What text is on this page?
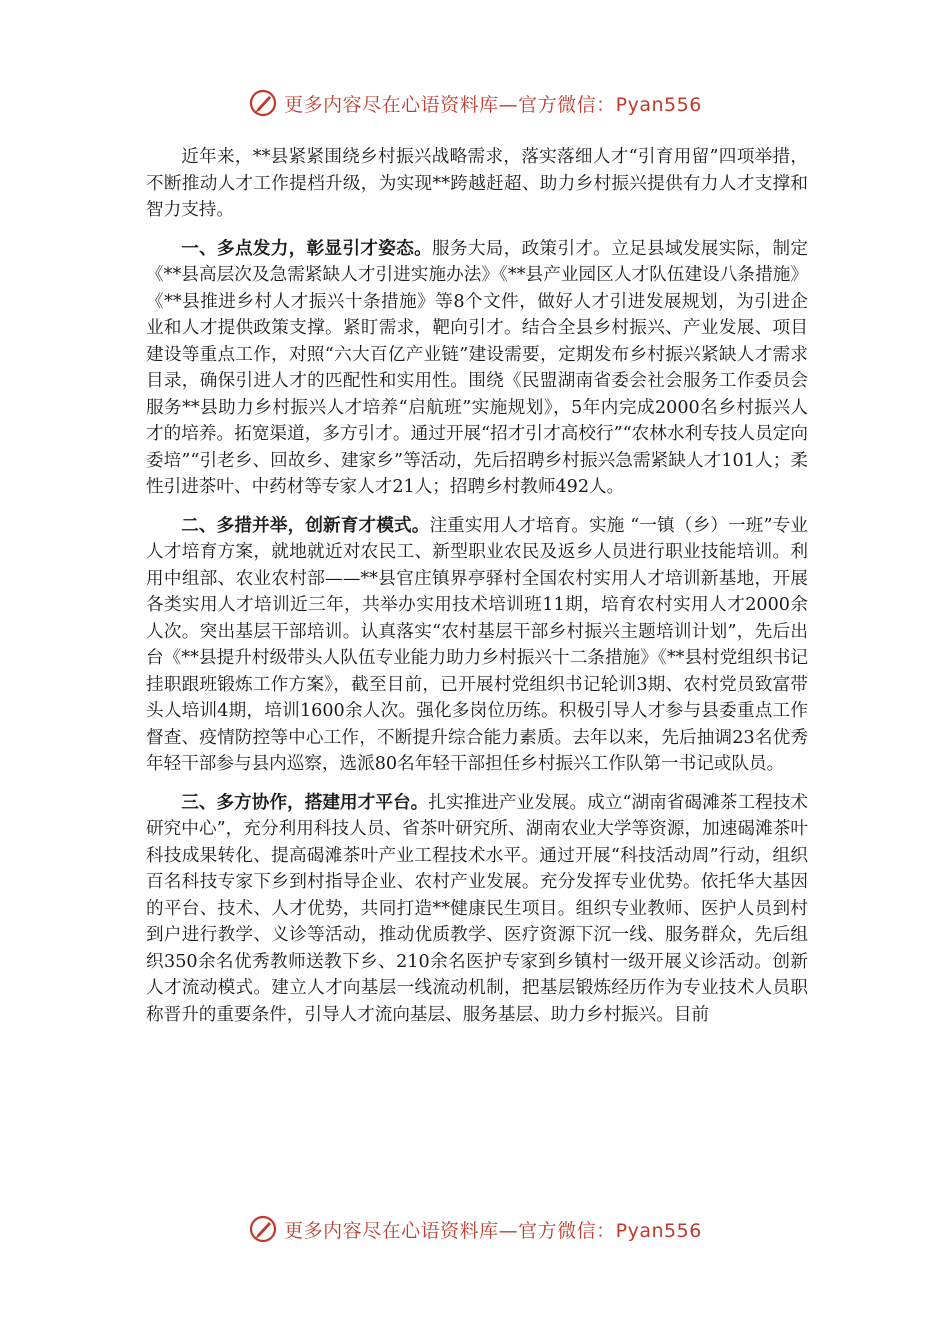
更多内容尽在心语资料库—官方微信：Pyan556

近年来，**县紧紧围绕乡村振兴战略需求，落实落细人才“引育用留”四项举措，不断推动人才工作提档升级，为实现**跨越赶超、助力乡村振兴提供有力人才支撑和智力支持。

一、多点发力，彰显引才姿态。服务大局，政策引才。立足县域发展实际，制定《**县高层次及急需紧缺人才引进实施办法》《**县产业园区人才队伍建设八条措施》《**县推进乡村人才振兴十条措施》等8个文件，做好人才引进发展规划，为引进企业和人才提供政策支撑。紧盯需求，靶向引才。结合全县乡村振兴、产业发展、项目建设等重点工作，对照“六大百亿产业链”建设需要，定期发布乡村振兴紧缺人才需求目录，确保引进人才的匹配性和实用性。围绕《民盟湖南省委会社会服务工作委员会服务**县助力乡村振兴人才培养“启航班”实施规划》，5年内完成2000名乡村振兴人才的培养。拓宽渠道，多方引才。通过开展“招才引才高校行”“农林水利专技人员定向委培”“引老乡、回故乡、建家乡”等活动，先后招聘乡村振兴急需紧缺人才101人；柔性引进茶叶、中药材等专家人才21人；招聘乡村教师492人。

二、多措并举，创新育才模式。注重实用人才培育。实施 “一镇（乡）一班”专业人才培育方案，就地就近对农民工、新型职业农民及返乡人员进行职业技能培训。利用中组部、农业农村部——**县官庄镇界亭驿村全国农村实用人才培训新基地，开展各类实用人才培训近三年，共举办实用技术培训班11期，培育农村实用人才2000余人次。突出基层干部培训。认真落实“农村基层干部乡村振兴主题培训计划”，先后出台《**县提升村级带头人队伍专业能力助力乡村振兴十二条措施》《**县村党组织书记挂职跟班锻炼工作方案》，截至目前，已开展村党组织书记轮训3期、农村党员致富带头人培训4期，培训1600余人次。强化多岗位历练。积极引导人才参与县委重点工作督查、疫情防控等中心工作，不断提升综合能力素质。去年以来，先后抽调23名优秀年轻干部参与县内巡察，选派80名年轻干部担任乡村振兴工作队第一书记或队员。

三、多方协作，搭建用才平台。扎实推进产业发展。成立“湖南省碣滩茶工程技术研究中心”，充分利用科技人员、省茶叶研究所、湖南农业大学等资源，加速碣滩茶叶科技成果转化、提高碣滩茶叶产业工程技术水平。通过开展“科技活动周”行动，组织百名科技专家下乡到村指导企业、农村产业发展。充分发挥专业优势。依托华大基因的平台、技术、人才优势，共同打造**健康民生项目。组织专业教师、医护人员到村到户进行教学、义诊等活动，推动优质教学、医疗资源下沉一线、服务群众，先后组织350余名优秀教师送教下乡、210余名医护专家到乡镇村一级开展义诊活动。创新人才流动模式。建立人才向基层一线流动机制，把基层锻炼经历作为专业技术人员职称晋升的重要条件，引导人才流向基层、服务基层、助力乡村振兴。目前

更多内容尽在心语资料库—官方微信：Pyan556
